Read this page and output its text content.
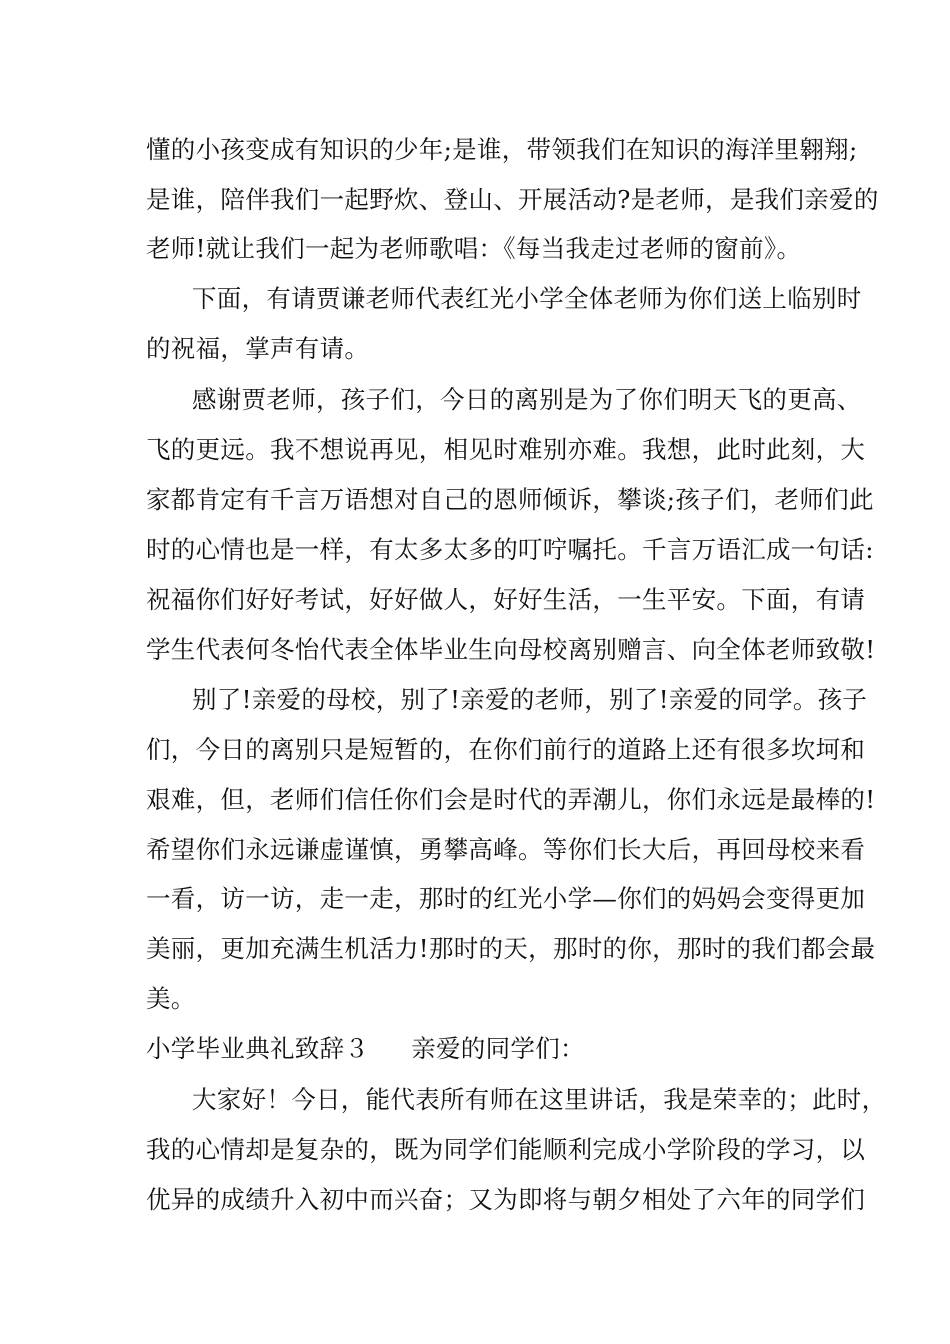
懂的小孩变成有知识的少年;是谁，带领我们在知识的海洋里翱翔;
是谁，陪伴我们一起野炊、登山、开展活动?是老师，是我们亲爱的
老师!就让我们一起为老师歌唱：《每当我走过老师的窗前》。
下面，有请贾谦老师代表红光小学全体老师为你们送上临别时
的祝福，掌声有请。
感谢贾老师，孩子们，今日的离别是为了你们明天飞的更高、
飞的更远。我不想说再见，相见时难别亦难。我想，此时此刻，大
家都肯定有千言万语想对自己的恩师倾诉，攀谈;孩子们，老师们此
时的心情也是一样，有太多太多的叮咛嘱托。千言万语汇成一句话:
祝福你们好好考试，好好做人，好好生活，一生平安。下面，有请
学生代表何冬怡代表全体毕业生向母校离别赠言、向全体老师致敬!
别了!亲爱的母校，别了!亲爱的老师，别了!亲爱的同学。孩子
们，今日的离别只是短暂的，在你们前行的道路上还有很多坎坷和
艰难，但，老师们信任你们会是时代的弄潮儿，你们永远是最棒的!
希望你们永远谦虚谨慎，勇攀高峰。等你们长大后，再回母校来看
一看，访一访，走一走，那时的红光小学—你们的妈妈会变得更加
美丽，更加充满生机活力!那时的天，那时的你，那时的我们都会最
美。
小学毕业典礼致辞３ 亲爱的同学们：
大家好！今日，能代表所有师在这里讲话，我是荣幸的；此时，
我的心情却是复杂的，既为同学们能顺利完成小学阶段的学习，以
优异的成绩升入初中而兴奋；又为即将与朝夕相处了六年的同学们
